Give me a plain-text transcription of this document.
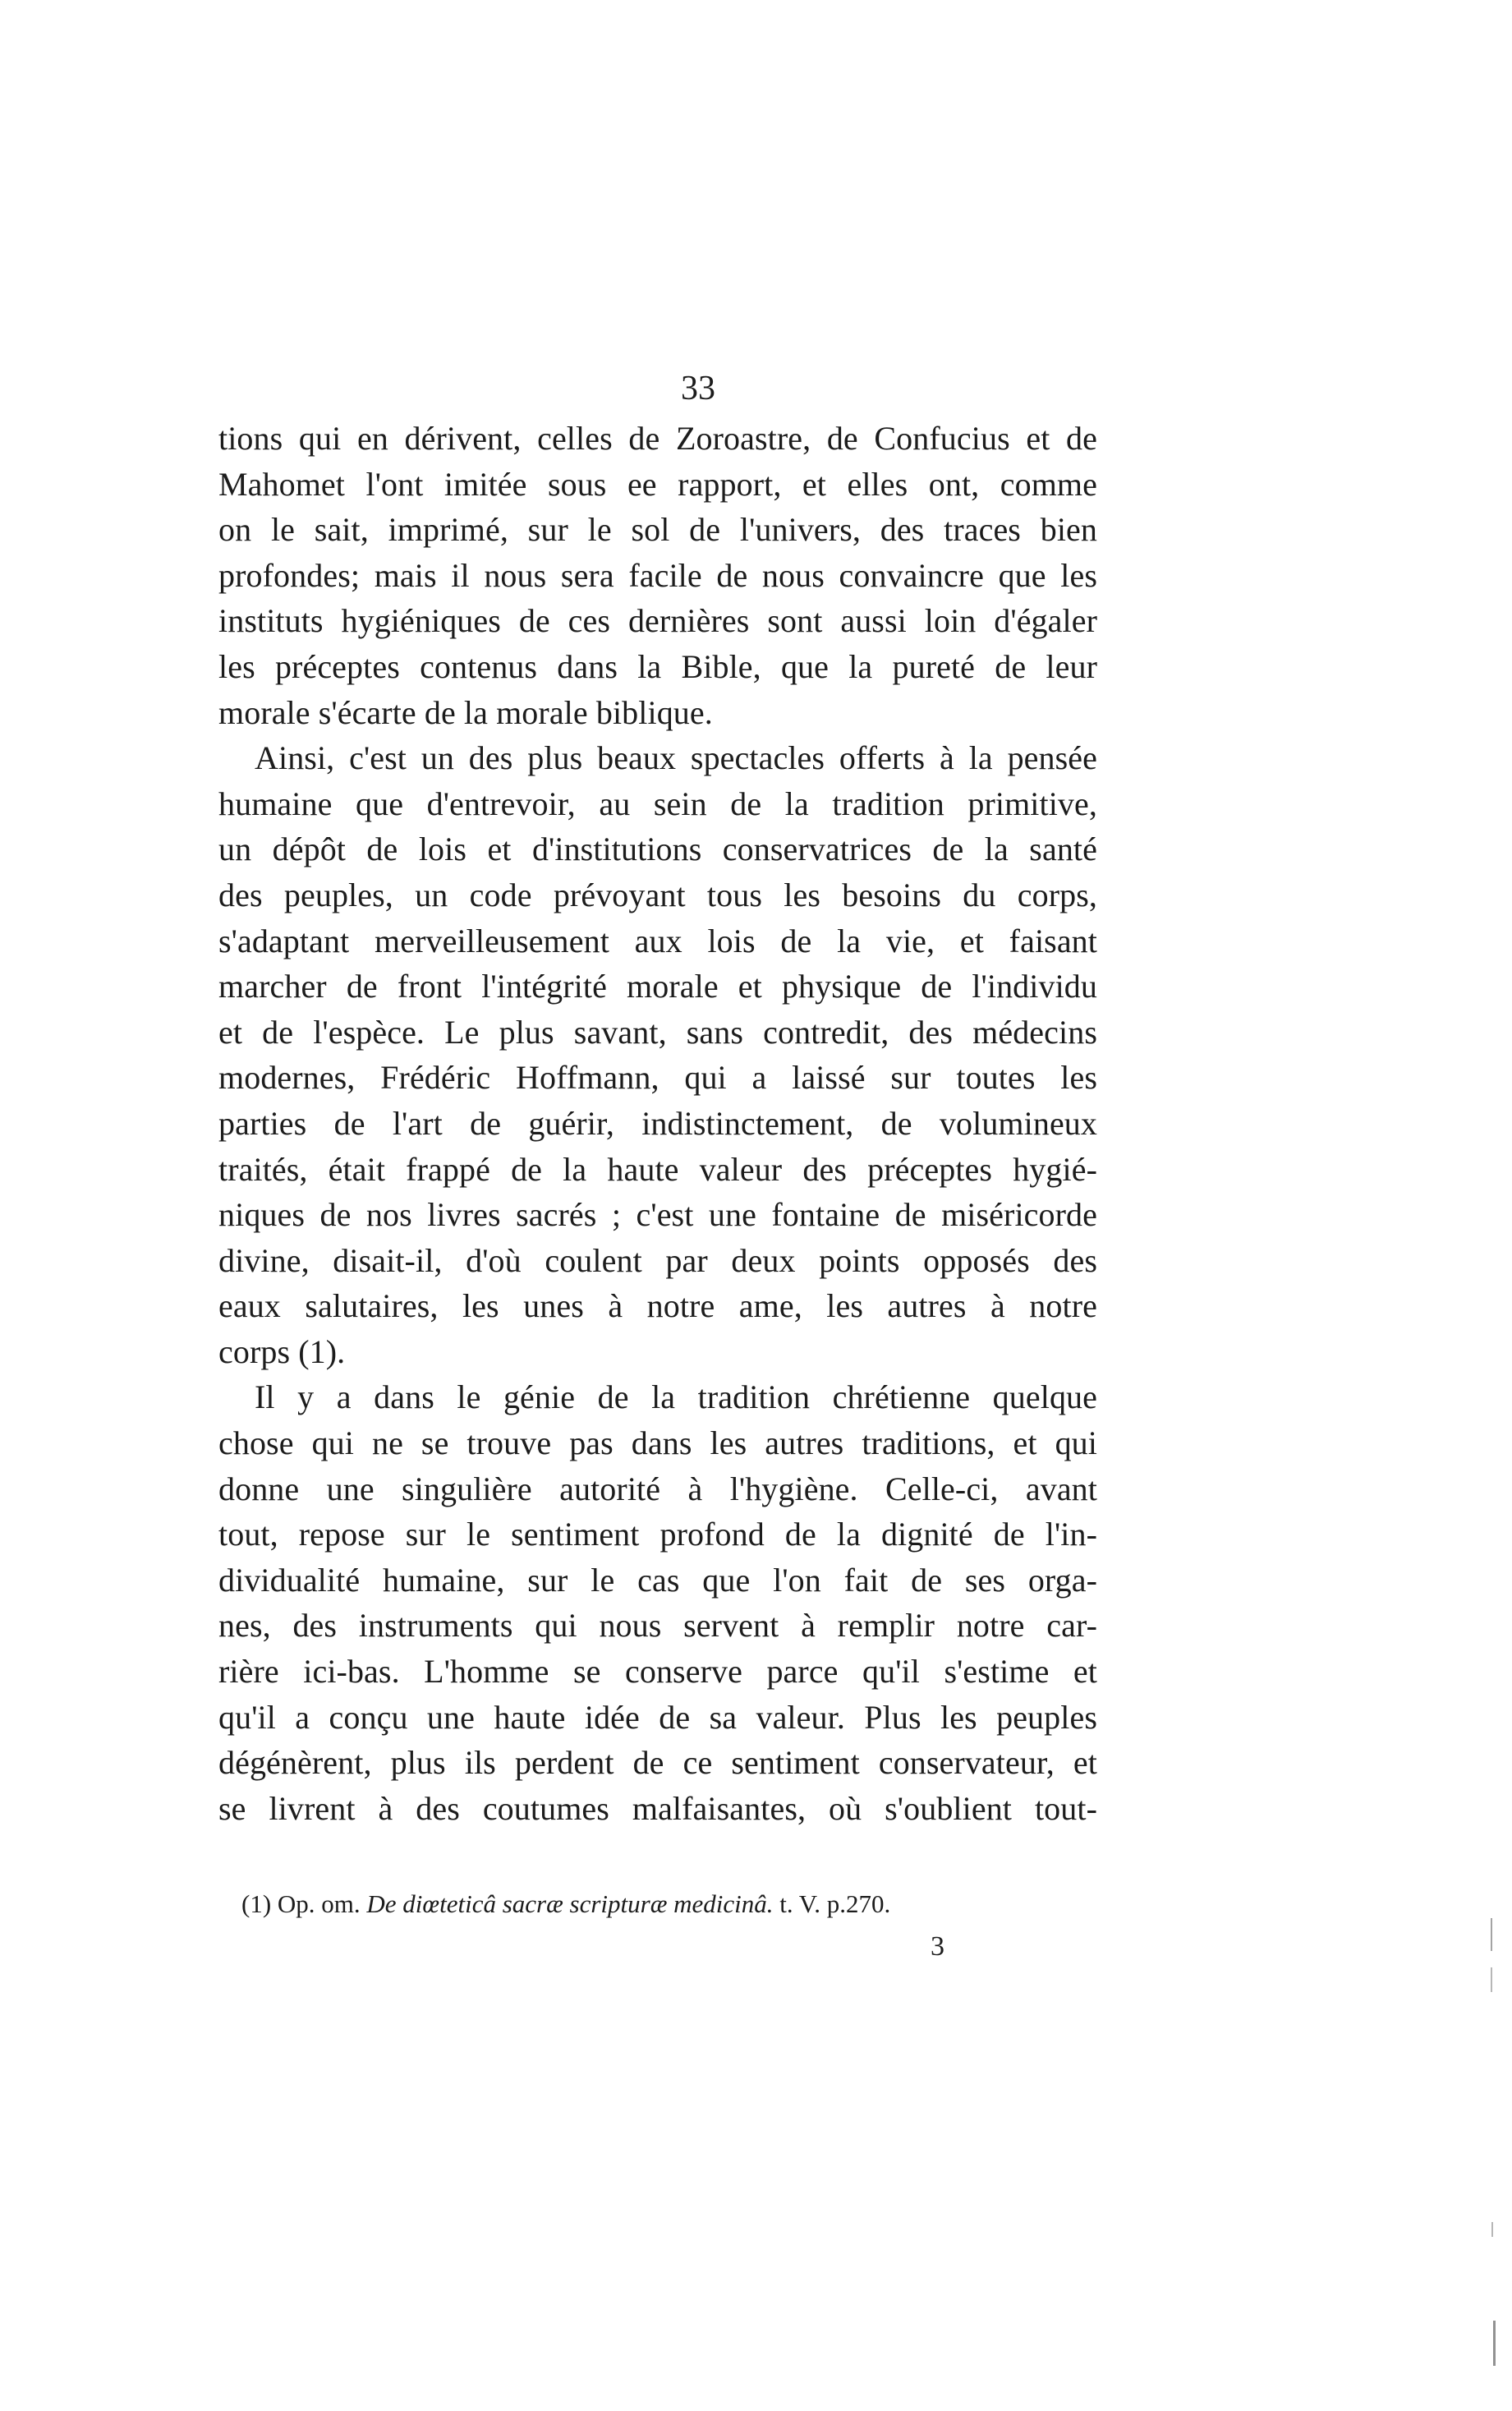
33
tions qui en dérivent, celles de Zoroastre, de Confucius et de
Mahomet l'ont imitée sous ee rapport, et elles ont, comme
on le sait, imprimé, sur le sol de l'univers, des traces bien
profondes; mais il nous sera facile de nous convaincre que les
instituts hygiéniques de ces dernières sont aussi loin d'égaler
les préceptes contenus dans la Bible, que la pureté de leur
morale s'écarte de la morale biblique.
Ainsi, c'est un des plus beaux spectacles offerts à la pensée
humaine que d'entrevoir, au sein de la tradition primitive,
un dépôt de lois et d'institutions conservatrices de la santé
des peuples, un code prévoyant tous les besoins du corps,
s'adaptant merveilleusement aux lois de la vie, et faisant
marcher de front l'intégrité morale et physique de l'individu
et de l'espèce. Le plus savant, sans contredit, des médecins
modernes, Frédéric Hoffmann, qui a laissé sur toutes les
parties de l'art de guérir, indistinctement, de volumineux
traités, était frappé de la haute valeur des préceptes hygié-
niques de nos livres sacrés ; c'est une fontaine de miséricorde
divine, disait-il, d'où coulent par deux points opposés des
eaux salutaires, les unes à notre ame, les autres à notre
corps (1).
Il y a dans le génie de la tradition chrétienne quelque
chose qui ne se trouve pas dans les autres traditions, et qui
donne une singulière autorité à l'hygiène. Celle-ci, avant
tout, repose sur le sentiment profond de la dignité de l'in-
dividualité humaine, sur le cas que l'on fait de ses orga-
nes, des instruments qui nous servent à remplir notre car-
rière ici-bas. L'homme se conserve parce qu'il s'estime et
qu'il a conçu une haute idée de sa valeur. Plus les peuples
dégénèrent, plus ils perdent de ce sentiment conservateur, et
se livrent à des coutumes malfaisantes, où s'oublient tout-
(1) Op. om. De diœteticâ sacræ scripturæ medicinâ. t. V. p.270.
3
